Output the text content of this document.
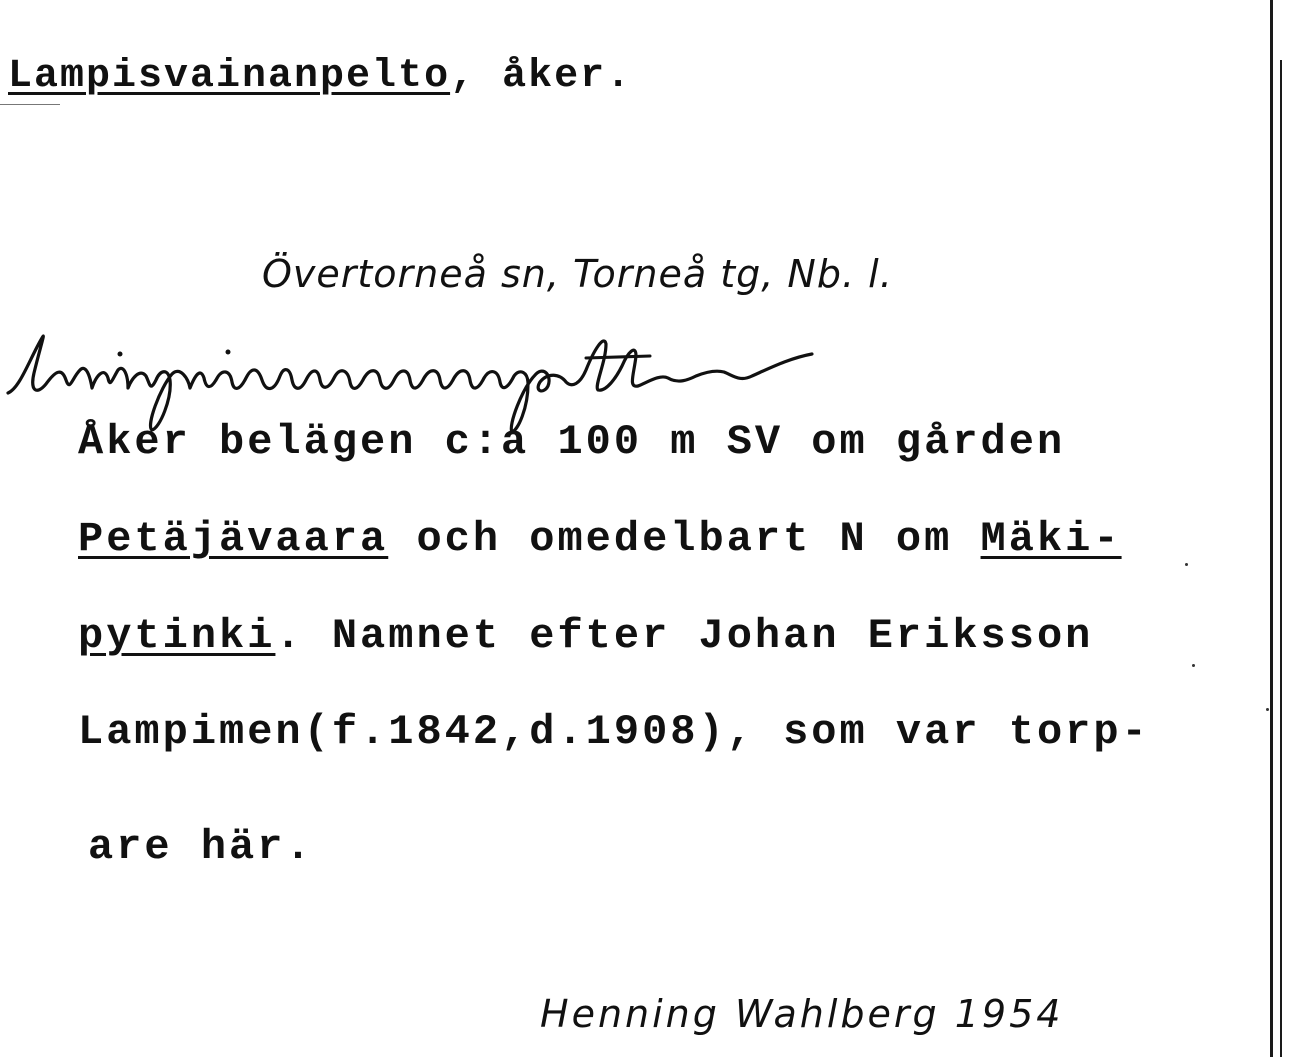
Lampisvainanpelto, åker.
Övertorneå sn, Torneå tg, Nb. l.
Åker belägen c:a 100 m SV om gården
Petäjävaara och omedelbart N om Mäki-
pytinki. Namnet efter Johan Eriksson
Lampimen(f.1842,d.1908), som var torp-
are här.
Henning Wahlberg 1954
